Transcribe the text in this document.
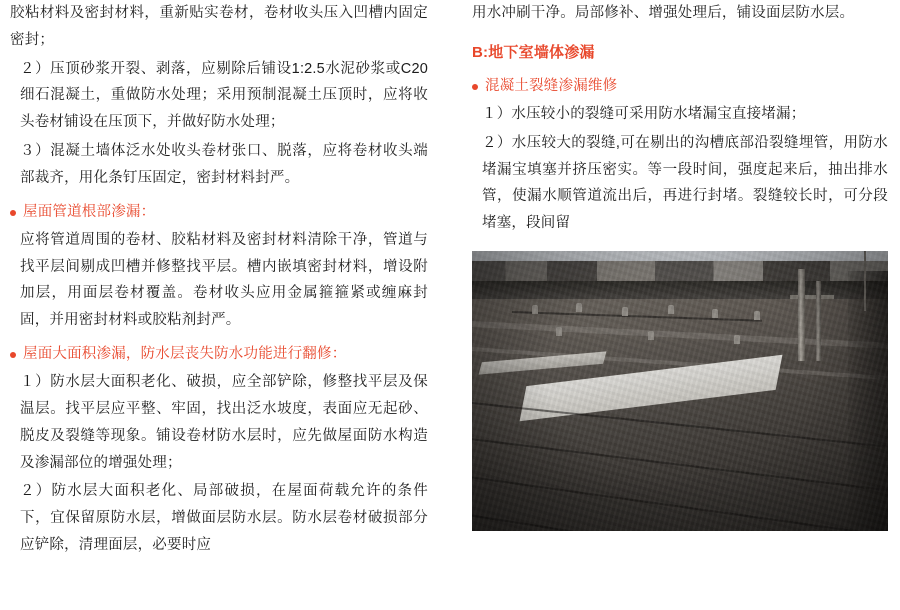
胶粘材料及密封材料，重新贴实卷材，卷材收头压入凹槽内固定密封；

２）压顶砂浆开裂、剥落，应剔除后铺设1:2.5水泥砂浆或C20细石混凝土，重做防水处理；采用预制混凝土压顶时，应将收头卷材铺设在压顶下，并做好防水处理；

３）混凝土墙体泛水处收头卷材张口、脱落，应将卷材收头端部裁齐，用化条钉压固定，密封材料封严。

屋面管道根部渗漏：

应将管道周围的卷材、胶粘材料及密封材料清除干净，管道与找平层间剔成凹槽并修整找平层。槽内嵌填密封材料，增设附加层，用面层卷材覆盖。卷材收头应用金属箍箍紧或缠麻封固，并用密封材料或胶粘剂封严。

屋面大面积渗漏，防水层丧失防水功能进行翻修：

１）防水层大面积老化、破损，应全部铲除，修整找平层及保温层。找平层应平整、牢固，找出泛水坡度，表面应无起砂、脱皮及裂缝等现象。铺设卷材防水层时，应先做屋面防水构造及渗漏部位的增强处理；

２）防水层大面积老化、局部破损，在屋面荷载允许的条件下，宜保留原防水层，增做面层防水层。防水层卷材破损部分应铲除，清理面层，必要时应

用水冲刷干净。局部修补、增强处理后，铺设面层防水层。

B:地下室墙体渗漏
混凝土裂缝渗漏维修

１）水压较小的裂缝可采用防水堵漏宝直接堵漏；

２）水压较大的裂缝,可在剔出的沟槽底部沿裂缝埋管，用防水堵漏宝填塞并挤压密实。等一段时间，强度起来后，抽出排水管，使漏水顺管道流出后，再进行封堵。裂缝较长时，可分段堵塞，段间留
